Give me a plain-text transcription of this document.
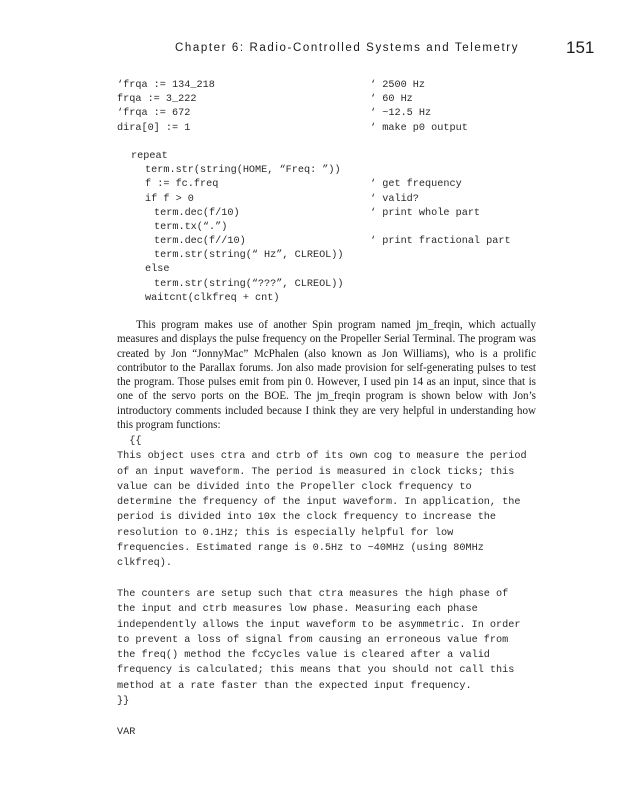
Chapter 6: Radio-Controlled Systems and Telemetry	151
‘frqa := 134_218	‘ 2500 Hz
frqa := 3_222	‘ 60 Hz
‘frqa := 672	‘ ~12.5 Hz
dira[0] := 1	‘ make p0 output
repeat
term.str(string(HOME, “Freq: ”))
f := fc.freq	‘ get frequency
if f > 0	‘ valid?
term.dec(f/10)	‘ print whole part
term.tx(“.”)
term.dec(f//10)	‘ print fractional part
term.str(string(“ Hz”, CLREOL))
else
term.str(string(“???”, CLREOL))
waitcnt(clkfreq + cnt)

This program makes use of another Spin program named jm_freqin, which actually measures and displays the pulse frequency on the Propeller Serial Terminal. The program was created by Jon “JonnyMac” McPhalen (also known as Jon Williams), who is a prolific contributor to the Parallax forums. Jon also made provision for self-generating pulses to test the program. Those pulses emit from pin 0. However, I used pin 14 as an input, since that is one of the servo ports on the BOE. The jm_freqin program is shown below with Jon’s introductory comments included because I think they are very helpful in understanding how this program functions:

{{
This object uses ctra and ctrb of its own cog to measure the period
of an input waveform. The period is measured in clock ticks; this
value can be divided into the Propeller clock frequency to
determine the frequency of the input waveform. In application, the
period is divided into 10x the clock frequency to increase the
resolution to 0.1Hz; this is especially helpful for low
frequencies. Estimated range is 0.5Hz to ~40MHz (using 80MHz
clkfreq).
The counters are setup such that ctra measures the high phase of
the input and ctrb measures low phase. Measuring each phase
independently allows the input waveform to be asymmetric. In order
to prevent a loss of signal from causing an erroneous value from
the freq() method the fcCycles value is cleared after a valid
frequency is calculated; this means that you should not call this
method at a rate faster than the expected input frequency.
}}
VAR
